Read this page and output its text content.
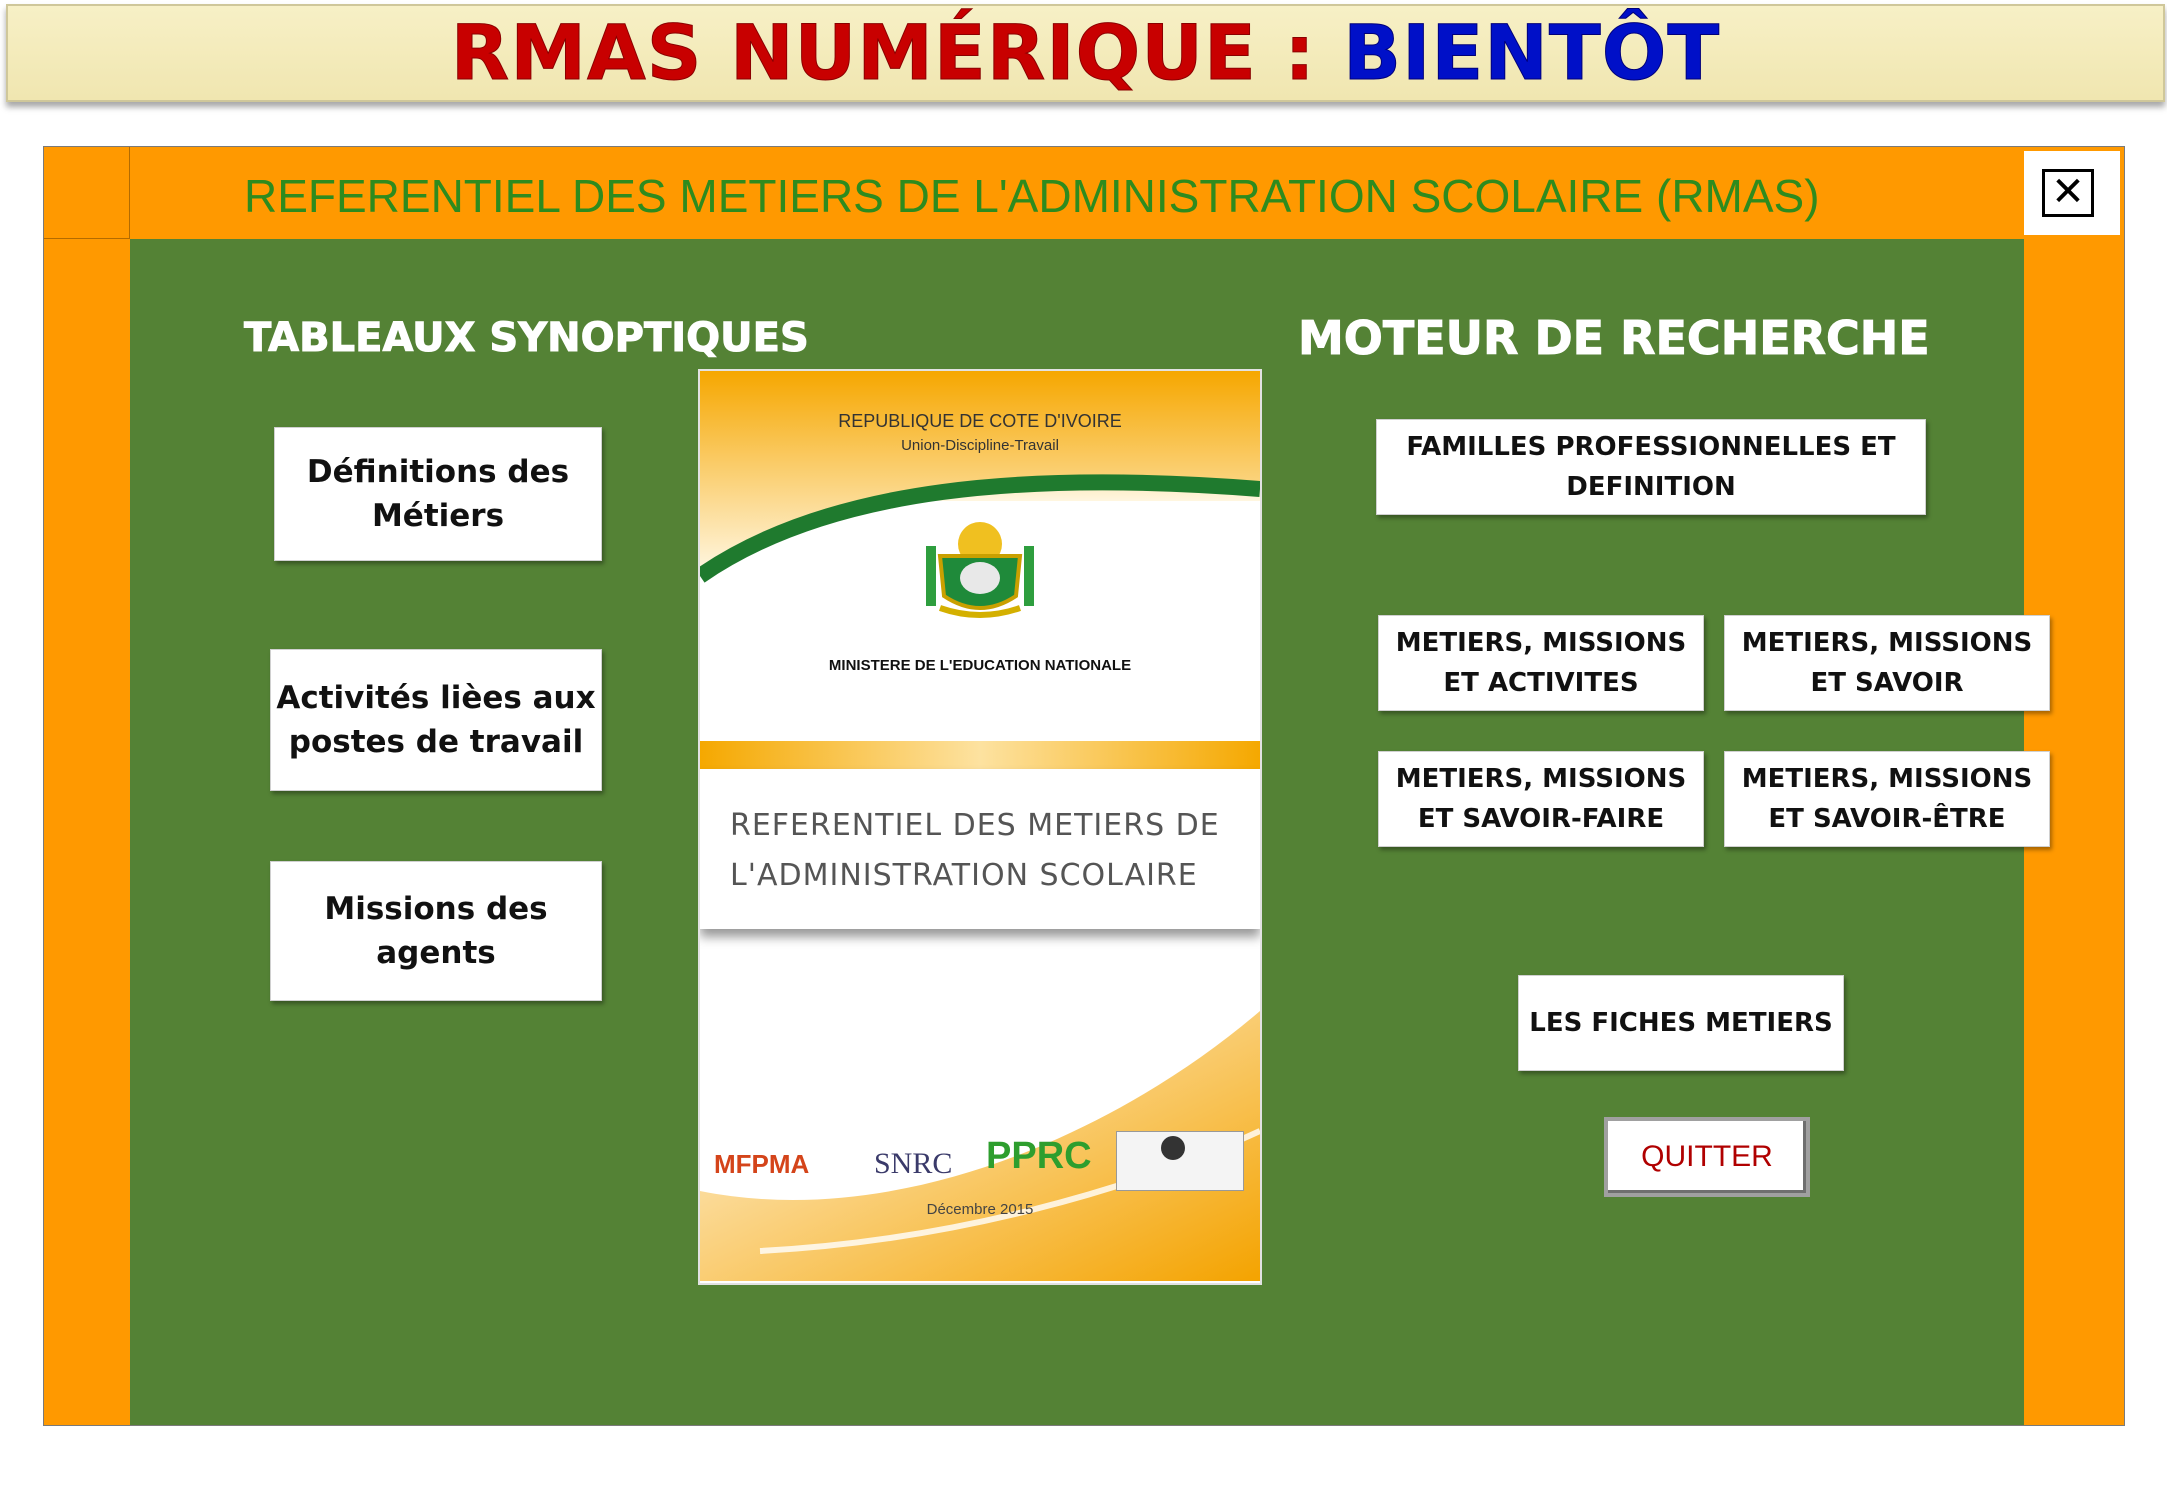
RMAS NUMÉRIQUE : BIENTÔT
REFERENTIEL DES METIERS DE L'ADMINISTRATION SCOLAIRE (RMAS)	✕
TABLEAUX SYNOPTIQUES
Définitions des
Métiers
Activités lièes aux
postes de travail
Missions des
agents
REPUBLIQUE DE COTE D'IVOIRE
Union-Discipline-Travail
MINISTERE DE L'EDUCATION NATIONALE
REFERENTIEL DES METIERS DE
L'ADMINISTRATION SCOLAIRE
MFPMA SNRC PPRC
Décembre 2015
MOTEUR DE RECHERCHE
FAMILLES PROFESSIONNELLES ET
DEFINITION
METIERS, MISSIONS
ET ACTIVITES
METIERS, MISSIONS
ET SAVOIR
METIERS, MISSIONS
ET SAVOIR-FAIRE
METIERS, MISSIONS
ET SAVOIR-ÊTRE
LES FICHES METIERS
QUITTER
